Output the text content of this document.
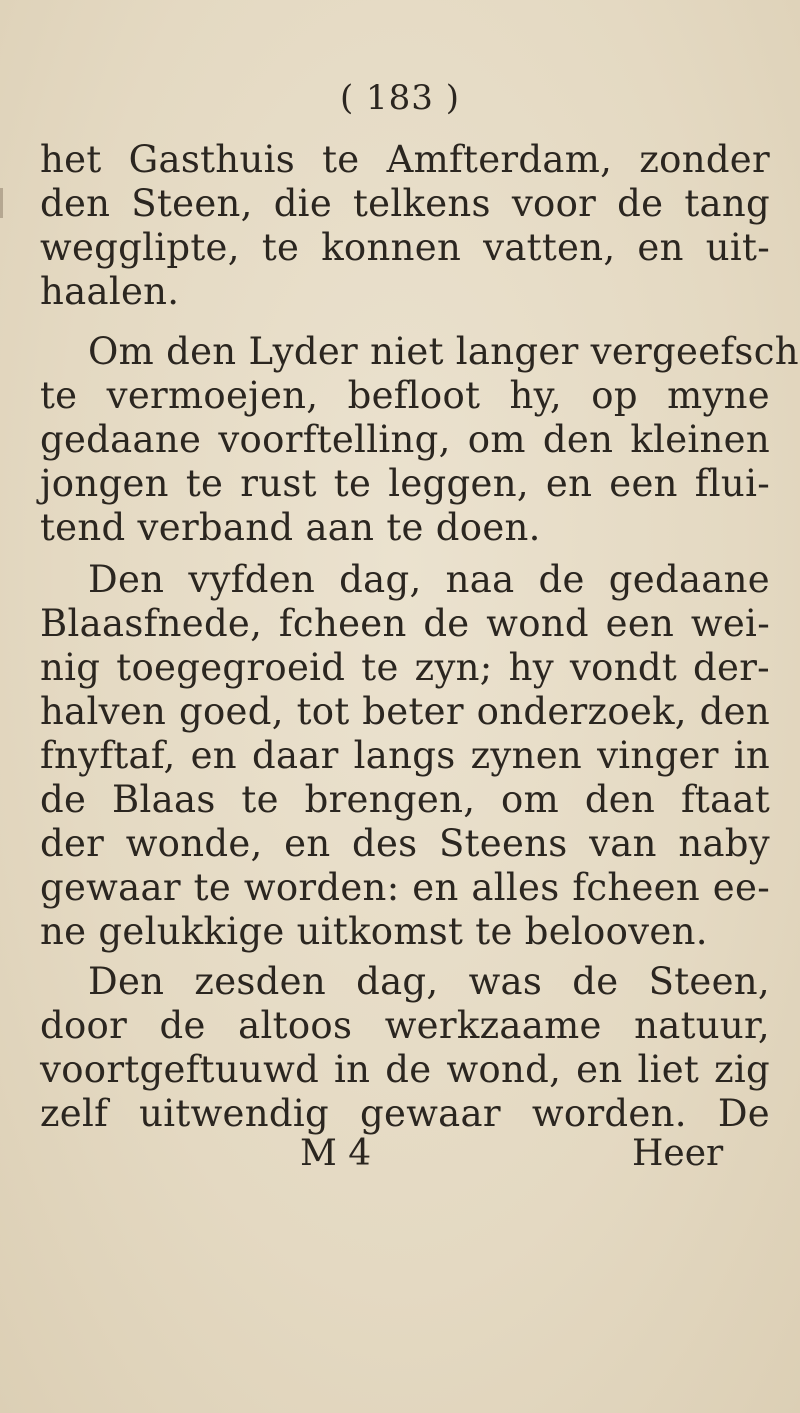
( 183 )
het Gasthuis te Amfterdam, zonder
den Steen, die telkens voor de tang
wegglipte, te konnen vatten, en uit-
haalen.
Om den Lyder niet langer vergeefsch
te vermoejen, befloot hy, op myne
gedaane voorftelling, om den kleinen
jongen te rust te leggen, en een flui-
tend verband aan te doen.
Den vyfden dag, naa de gedaane
Blaasfnede, fcheen de wond een wei-
nig toegegroeid te zyn; hy vondt der-
halven goed, tot beter onderzoek, den
fnyftaf, en daar langs zynen vinger in
de Blaas te brengen, om den ftaat
der wonde, en des Steens van naby
gewaar te worden: en alles fcheen ee-
ne gelukkige uitkomst te belooven.
Den zesden dag, was de Steen,
door de altoos werkzaame natuur,
voortgeftuuwd in de wond, en liet zig
zelf uitwendig gewaar worden. De
M 4	Heer
